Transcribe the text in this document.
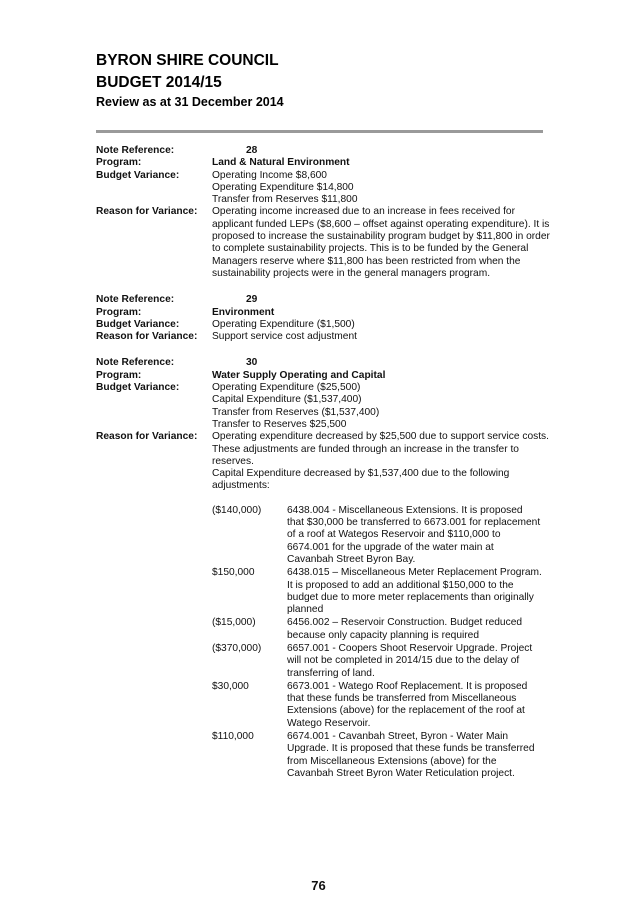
BYRON SHIRE COUNCIL
BUDGET 2014/15
Review as at 31 December 2014
Note Reference:	28
Program:	Land & Natural Environment
Budget Variance:	Operating Income $8,600
Operating Expenditure $14,800
Transfer from Reserves $11,800
Reason for Variance:	Operating income increased due to an increase in fees received for applicant funded LEPs ($8,600 – offset against operating expenditure). It is proposed to increase the sustainability program budget by $11,800 in order to complete sustainability projects. This is to be funded by the General Managers reserve where $11,800 has been restricted from when the sustainability projects were in the general managers program.
Note Reference:	29
Program:	Environment
Budget Variance:	Operating Expenditure ($1,500)
Reason for Variance:	Support service cost adjustment
Note Reference:	30
Program:	Water Supply Operating and Capital
Budget Variance:	Operating Expenditure ($25,500)
Capital Expenditure ($1,537,400)
Transfer from Reserves ($1,537,400)
Transfer to Reserves $25,500
Reason for Variance:	Operating expenditure decreased by $25,500 due to support service costs. These adjustments are funded through an increase in the transfer to reserves.
Capital Expenditure decreased by $1,537,400 due to the following adjustments:
($140,000)	6438.004 - Miscellaneous Extensions. It is proposed that $30,000 be transferred to 6673.001 for replacement of a roof at Wategos Reservoir and $110,000 to 6674.001 for the upgrade of the water main at Cavanbah Street Byron Bay.
$150,000	6438.015 – Miscellaneous Meter Replacement Program. It is proposed to add an additional $150,000 to the budget due to more meter replacements than originally planned
($15,000)	6456.002 – Reservoir Construction. Budget reduced because only capacity planning is required
($370,000)	6657.001 - Coopers Shoot Reservoir Upgrade. Project will not be completed in 2014/15 due to the delay of transferring of land.
$30,000	6673.001 - Watego Roof Replacement. It is proposed that these funds be transferred from Miscellaneous Extensions (above) for the replacement of the roof at Watego Reservoir.
$110,000	6674.001 - Cavanbah Street, Byron - Water Main Upgrade. It is proposed that these funds be transferred from Miscellaneous Extensions (above) for the Cavanbah Street Byron Water Reticulation project.
76
